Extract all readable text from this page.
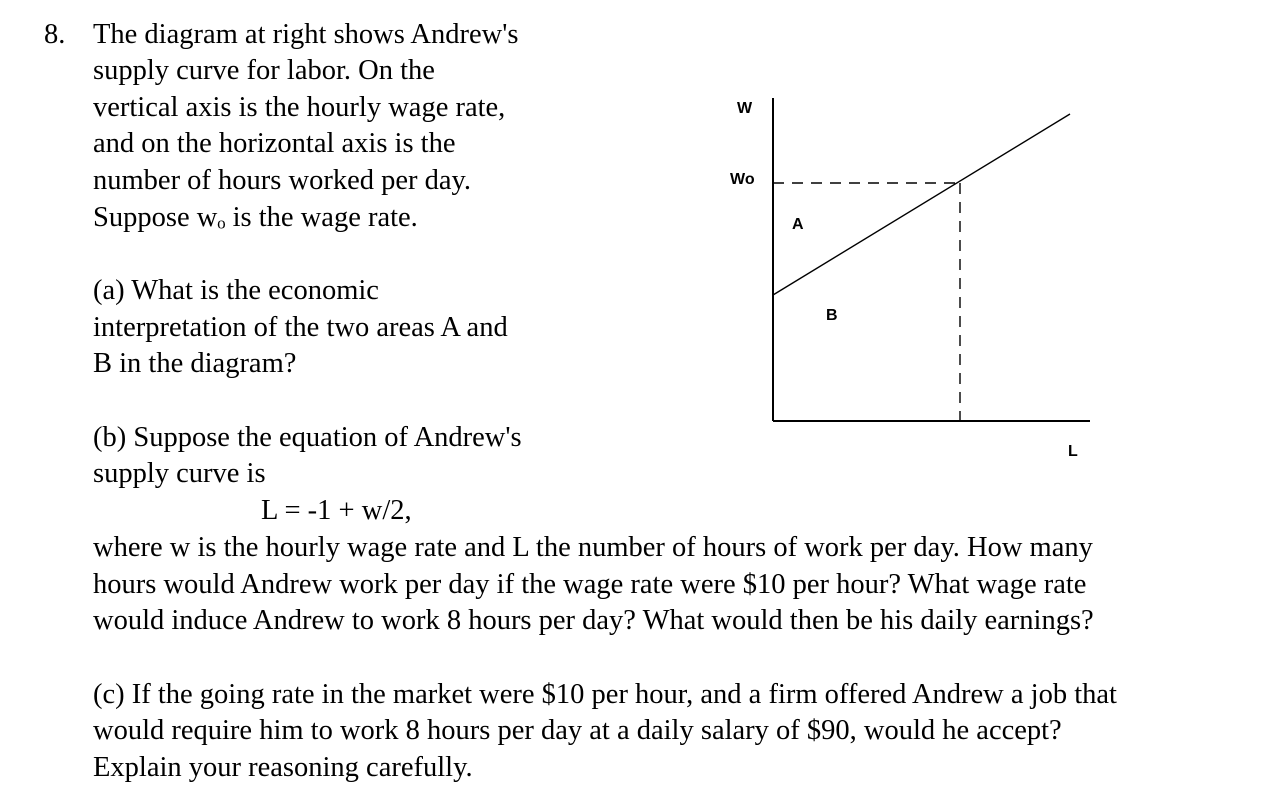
8. The diagram at right shows Andrew's
supply curve for labor. On the
vertical axis is the hourly wage rate,
and on the horizontal axis is the
number of hours worked per day.
Suppose wₒ is the wage rate.
(a) What is the economic
interpretation of the two areas A and
B in the diagram?
(b) Suppose the equation of Andrew's
supply curve is
L = -1 + w/2,
where w is the hourly wage rate and L the number of hours of work per day. How many
hours would Andrew work per day if the wage rate were $10 per hour? What wage rate
would induce Andrew to work 8 hours per day? What would then be his daily earnings?
(c) If the going rate in the market were $10 per hour, and a firm offered Andrew a job that
would require him to work 8 hours per day at a daily salary of $90, would he accept?
Explain your reasoning carefully.
W
Wo
A
B
L
